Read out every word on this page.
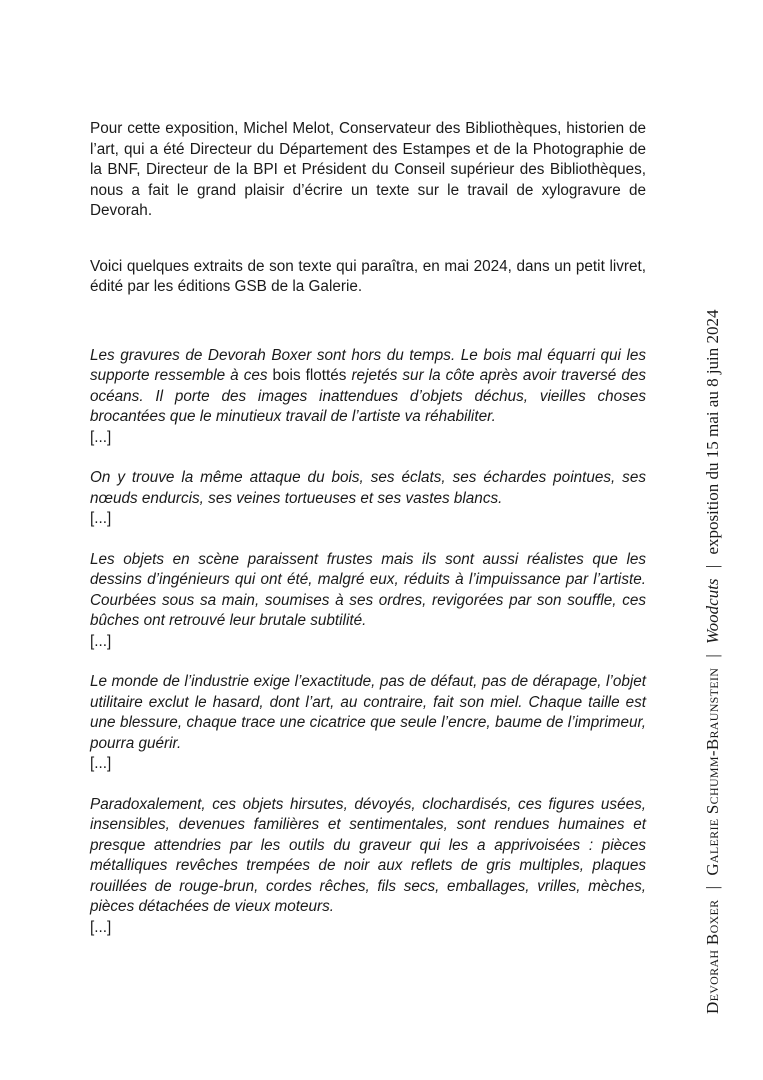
Pour cette exposition, Michel Melot, Conservateur des Bibliothèques, historien de l’art, qui a été Directeur du Département des Estampes et de la Photographie de la BNF, Directeur de la BPI et Président du Conseil supérieur des Bibliothèques, nous a fait le grand plaisir d’écrire un texte sur le travail de xylogravure de Devorah.

Voici quelques extraits de son texte qui paraîtra, en mai 2024, dans un petit livret, édité par les éditions GSB de la Galerie.

Les gravures de Devorah Boxer sont hors du temps. Le bois mal équarri qui les supporte ressemble à ces bois flottés rejetés sur la côte après avoir traversé des océans. Il porte des images inattendues d’objets déchus, vieilles choses brocantées que le minutieux travail de l’artiste va réhabiliter.

[...]

On y trouve la même attaque du bois, ses éclats, ses échardes pointues, ses nœuds endurcis, ses veines tortueuses et ses vastes blancs.

[...]

Les objets en scène paraissent frustes mais ils sont aussi réalistes que les dessins d’ingénieurs qui ont été, malgré eux, réduits à l’impuissance par l’artiste. Courbées sous sa main, soumises à ses ordres, revigorées par son souffle, ces bûches ont retrouvé leur brutale subtilité.

[...]

Le monde de l’industrie exige l’exactitude, pas de défaut, pas de dérapage, l’objet utilitaire exclut le hasard, dont l’art, au contraire, fait son miel. Chaque taille est une blessure, chaque trace une cicatrice que seule l’encre, baume de l’imprimeur, pourra guérir.

[...]

Paradoxalement, ces objets hirsutes, dévoyés, clochardisés, ces figures usées, insensibles, devenues familières et sentimentales, sont rendues humaines et presque attendries par les outils du graveur qui les a apprivoisées : pièces métalliques revêches trempées de noir aux reflets de gris multiples, plaques rouillées de rouge-brun, cordes rêches, fils secs, emballages, vrilles, mèches, pièces détachées de vieux moteurs.

[...]	Devorah Boxer | Galerie Schumm-Braunstein | Woodcuts | exposition du 15 mai au 8 juin 2024
